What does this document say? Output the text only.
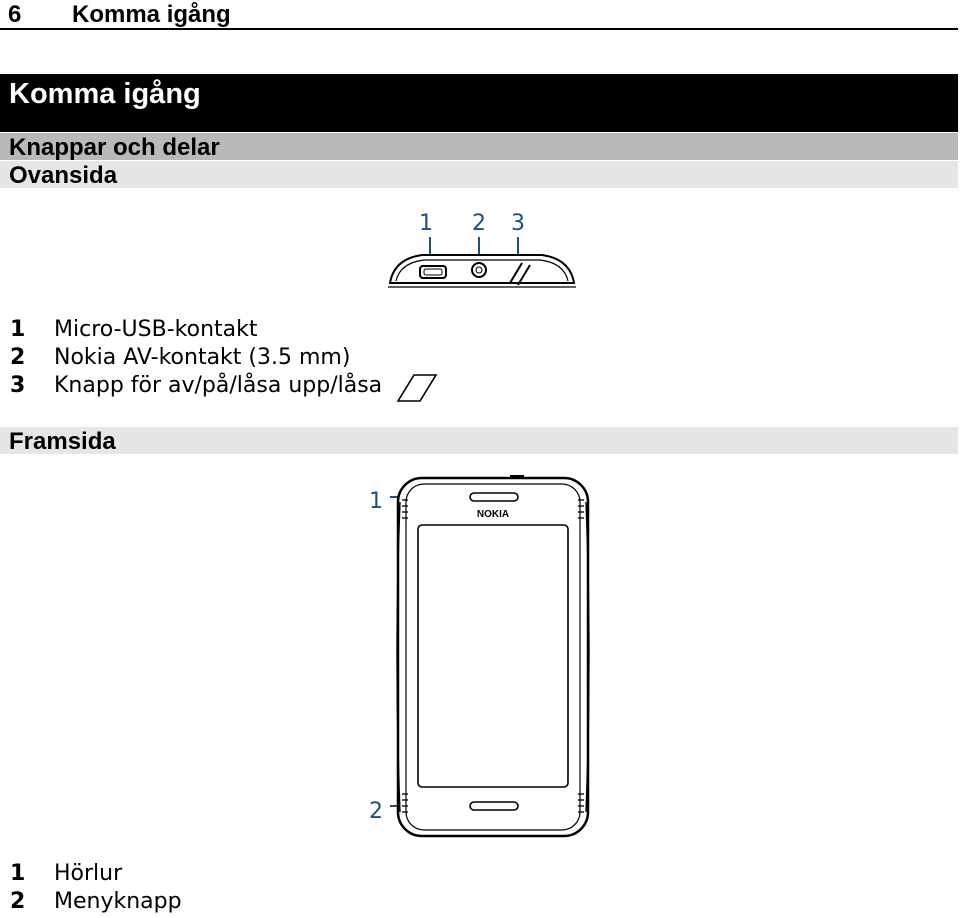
6 Komma igång
Komma igång
Knappar och delar
Ovansida
1 2 3
1 Micro-USB-kontakt
2 Nokia AV-kontakt (3.5 mm)
3 Knapp för av/på/låsa upp/låsa
Framsida
1
2
NOKIA
1 Hörlur
2 Menyknapp
